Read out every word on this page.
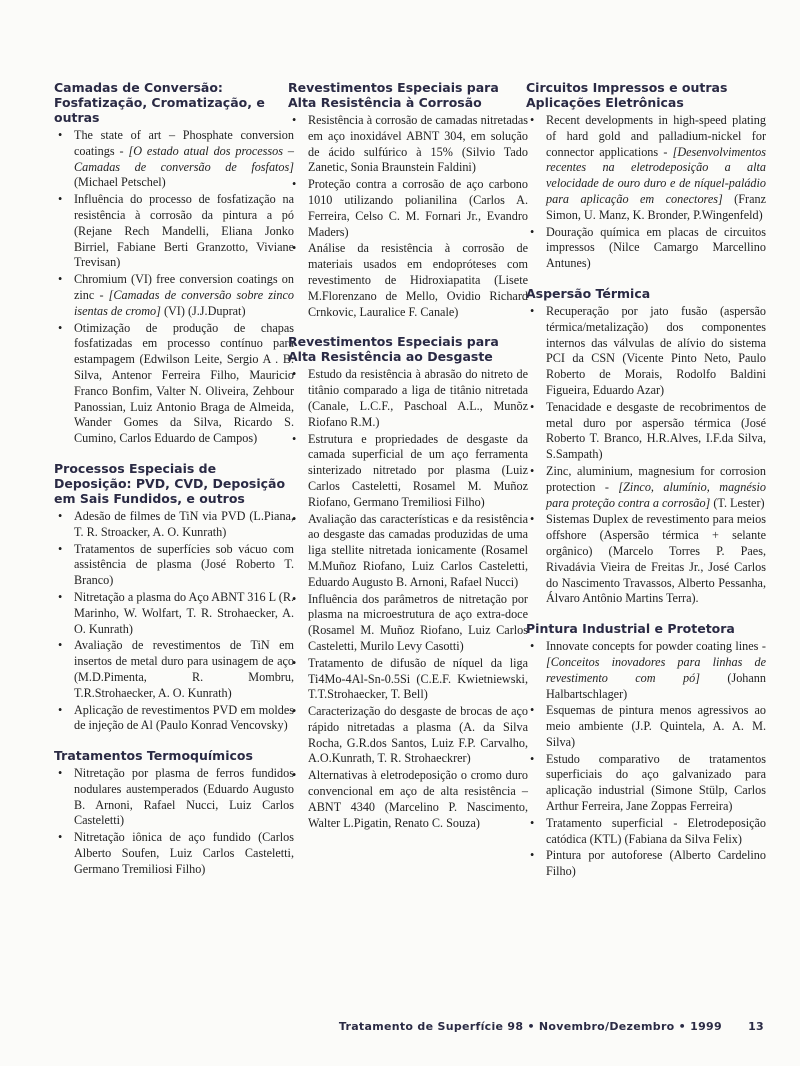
Camadas de Conversão: Fosfatização, Cromatização, e outras
• The state of art – Phosphate conversion coatings - [O estado atual dos processos – Camadas de conversão de fosfatos] (Michael Petschel)
• Influência do processo de fosfatização na resistência à corrosão da pintura a pó (Rejane Rech Mandelli, Eliana Jonko Birriel, Fabiane Berti Granzotto, Viviane Trevisan)
• Chromium (VI) free conversion coatings on zinc - [Camadas de conversão sobre zinco isentas de cromo] (VI) (J.J.Duprat)
• Otimização de produção de chapas fosfatizadas em processo contínuo para estampagem (Edwilson Leite, Sergio A . B. Silva, Antenor Ferreira Filho, Mauricio Franco Bonfim, Valter N. Oliveira, Zehbour Panossian, Luiz Antonio Braga de Almeida, Wander Gomes da Silva, Ricardo S. Cumino, Carlos Eduardo de Campos)
Processos Especiais de Deposição: PVD, CVD, Deposição em Sais Fundidos, e outros
• Adesão de filmes de TiN via PVD (L.Piana, T. R. Stroacker, A. O. Kunrath)
• Tratamentos de superfícies sob vácuo com assistência de plasma (José Roberto T. Branco)
• Nitretação a plasma do Aço ABNT 316 L (R. Marinho, W. Wolfart, T. R. Strohaecker, A. O. Kunrath)
• Avaliação de revestimentos de TiN em insertos de metal duro para usinagem de aço (M.D.Pimenta, R. Mombru, T.R.Strohaecker, A. O. Kunrath)
• Aplicação de revestimentos PVD em moldes de injeção de Al (Paulo Konrad Vencovsky)
Tratamentos Termoquímicos
• Nitretação por plasma de ferros fundidos nodulares austemperados (Eduardo Augusto B. Arnoni, Rafael Nucci, Luiz Carlos Casteletti)
• Nitretação iônica de aço fundido (Carlos Alberto Soufen, Luiz Carlos Casteletti, Germano Tremiliosi Filho)
Revestimentos Especiais para Alta Resistência à Corrosão
• Resistência à corrosão de camadas nitretadas em aço inoxidável ABNT 304, em solução de ácido sulfúrico à 15% (Silvio Tado Zanetic, Sonia Braunstein Faldini)
• Proteção contra a corrosão de aço carbono 1010 utilizando polianilina (Carlos A. Ferreira, Celso C. M. Fornari Jr., Evandro Maders)
• Análise da resistência à corrosão de materiais usados em endopróteses com revestimento de Hidroxiapatita (Lisete M.Florenzano de Mello, Ovidio Richard Crnkovic, Lauralice F. Canale)
Revestimentos Especiais para Alta Resistência ao Desgaste
• Estudo da resistência à abrasão do nitreto de titânio comparado a liga de titânio nitretada (Canale, L.C.F., Paschoal A.L., Munõz Riofano R.M.)
• Estrutura e propriedades de desgaste da camada superficial de um aço ferramenta sinterizado nitretado por plasma (Luiz Carlos Casteletti, Rosamel M. Muñoz Riofano, Germano Tremiliosi Filho)
• Avaliação das características e da resistência ao desgaste das camadas produzidas de uma liga stellite nitretada ionicamente (Rosamel M.Muñoz Riofano, Luiz Carlos Casteletti, Eduardo Augusto B. Arnoni, Rafael Nucci)
• Influência dos parâmetros de nitretação por plasma na microestrutura de aço extra-doce (Rosamel M. Muñoz Riofano, Luiz Carlos Casteletti, Murilo Levy Casotti)
• Tratamento de difusão de níquel da liga Ti4Mo-4Al-Sn-0.5Si (C.E.F. Kwietniewski, T.T.Strohaecker, T. Bell)
• Caracterização do desgaste de brocas de aço rápido nitretadas a plasma (A. da Silva Rocha, G.R.dos Santos, Luiz F.P. Carvalho, A.O.Kunrath, T. R. Strohaeckrer)
• Alternativas à eletrodeposição o cromo duro convencional em aço de alta resistência – ABNT 4340 (Marcelino P. Nascimento, Walter L.Pigatin, Renato C. Souza)
Circuitos Impressos e outras Aplicações Eletrônicas
• Recent developments in high-speed plating of hard gold and palladium-nickel for connector applications - [Desenvolvimentos recentes na eletrodeposição a alta velocidade de ouro duro e de níquel-paládio para aplicação em conectores] (Franz Simon, U. Manz, K. Bronder, P.Wingenfeld)
• Douração química em placas de circuitos impressos (Nilce Camargo Marcellino Antunes)
Aspersão Térmica
• Recuperação por jato fusão (aspersão térmica/metalização) dos componentes internos das válvulas de alívio do sistema PCI da CSN (Vicente Pinto Neto, Paulo Roberto de Morais, Rodolfo Baldini Figueira, Eduardo Azar)
• Tenacidade e desgaste de recobrimentos de metal duro por aspersão térmica (José Roberto T. Branco, H.R.Alves, I.F.da Silva, S.Sampath)
• Zinc, aluminium, magnesium for corrosion protection - [Zinco, alumínio, magnésio para proteção contra a corrosão] (T. Lester)
• Sistemas Duplex de revestimento para meios offshore (Aspersão térmica + selante orgânico) (Marcelo Torres P. Paes, Rivadávia Vieira de Freitas Jr., José Carlos do Nascimento Travassos, Alberto Pessanha, Álvaro Antônio Martins Terra).
Pintura Industrial e Protetora
• Innovate concepts for powder coating lines - [Conceitos inovadores para linhas de revestimento com pó] (Johann Halbartschlager)
• Esquemas de pintura menos agressivos ao meio ambiente (J.P. Quintela, A. A. M. Silva)
• Estudo comparativo de tratamentos superficiais do aço galvanizado para aplicação industrial (Simone Stülp, Carlos Arthur Ferreira, Jane Zoppas Ferreira)
• Tratamento superficial - Eletrodeposição catódica (KTL) (Fabiana da Silva Felix)
• Pintura por autoforese (Alberto Cardelino Filho)
Tratamento de Superfície 98 • Novembro/Dezembro • 1999 13
